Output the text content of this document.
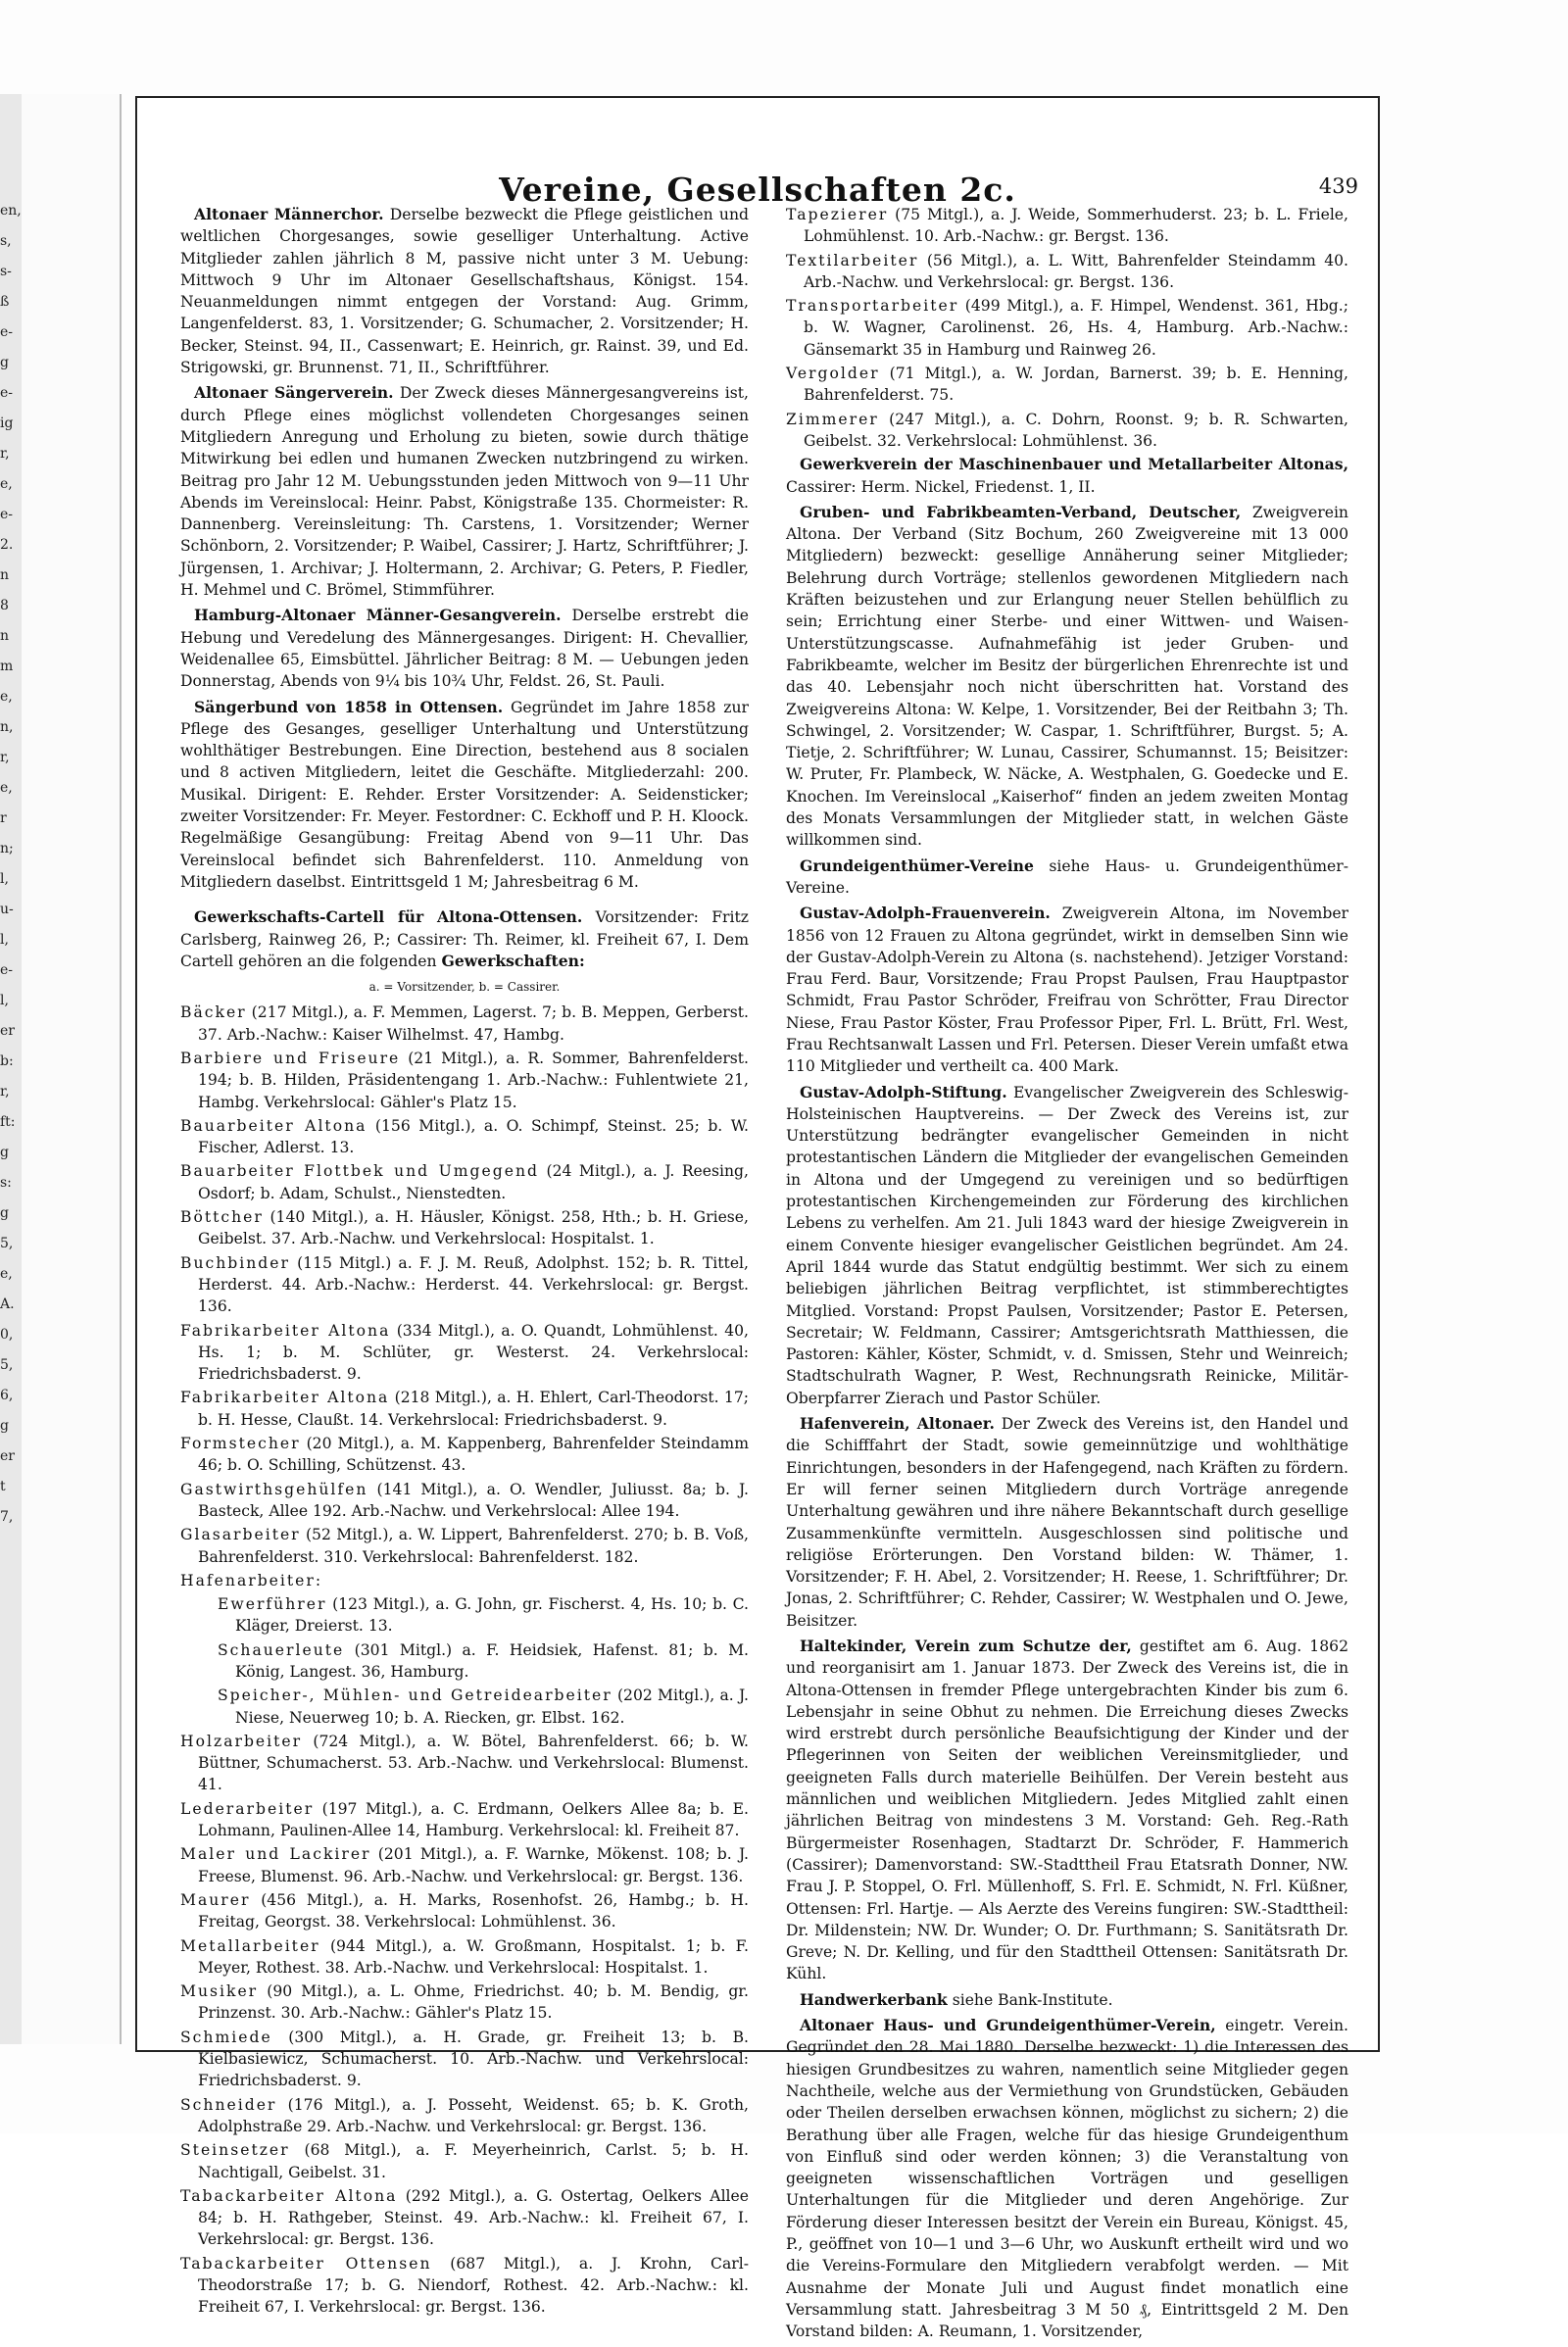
en,
s,
s-
ß
e-
g
e-
ig
r,
e,
e-
2.
n
8
n
m
e,
n,
r,
e,
r
n;
l,
u-
l,
e-
l,
er
b:
r,
ft:
g
s:
g
5,
e,
A.
0,
5,
6,
g
er
t
7,
Vereine, Gesellschaften 2c.	439

Altonaer Männerchor. Derselbe bezweckt die Pflege geistlichen und weltlichen Chorgesanges, sowie geselliger Unterhaltung. Active Mitglieder zahlen jährlich 8 M, passive nicht unter 3 M. Uebung: Mittwoch 9 Uhr im Altonaer Gesellschaftshaus, Königst. 154. Neuanmeldungen nimmt entgegen der Vorstand: Aug. Grimm, Langenfelderst. 83, 1. Vorsitzender; G. Schumacher, 2. Vorsitzender; H. Becker, Steinst. 94, II., Cassenwart; E. Heinrich, gr. Rainst. 39, und Ed. Strigowski, gr. Brunnenst. 71, II., Schriftführer.

Altonaer Sängerverein. Der Zweck dieses Männergesangvereins ist, durch Pflege eines möglichst vollendeten Chorgesanges seinen Mitgliedern Anregung und Erholung zu bieten, sowie durch thätige Mitwirkung bei edlen und humanen Zwecken nutzbringend zu wirken. Beitrag pro Jahr 12 M. Uebungsstunden jeden Mittwoch von 9—11 Uhr Abends im Vereinslocal: Heinr. Pabst, Königstraße 135. Chormeister: R. Dannenberg. Vereinsleitung: Th. Carstens, 1. Vorsitzender; Werner Schönborn, 2. Vorsitzender; P. Waibel, Cassirer; J. Hartz, Schriftführer; J. Jürgensen, 1. Archivar; J. Holtermann, 2. Archivar; G. Peters, P. Fiedler, H. Mehmel und C. Brömel, Stimmführer.

Hamburg-Altonaer Männer-Gesangverein. Derselbe erstrebt die Hebung und Veredelung des Männergesanges. Dirigent: H. Chevallier, Weidenallee 65, Eimsbüttel. Jährlicher Beitrag: 8 M. — Uebungen jeden Donnerstag, Abends von 9¼ bis 10¾ Uhr, Feldst. 26, St. Pauli.

Sängerbund von 1858 in Ottensen. Gegründet im Jahre 1858 zur Pflege des Gesanges, geselliger Unterhaltung und Unterstützung wohlthätiger Bestrebungen. Eine Direction, bestehend aus 8 socialen und 8 activen Mitgliedern, leitet die Geschäfte. Mitgliederzahl: 200. Musikal. Dirigent: E. Rehder. Erster Vorsitzender: A. Seidensticker; zweiter Vorsitzender: Fr. Meyer. Festordner: C. Eckhoff und P. H. Kloock. Regelmäßige Gesangübung: Freitag Abend von 9—11 Uhr. Das Vereinslocal befindet sich Bahrenfelderst. 110. Anmeldung von Mitgliedern daselbst. Eintrittsgeld 1 M; Jahresbeitrag 6 M.

Gewerkschafts-Cartell für Altona-Ottensen. Vorsitzender: Fritz Carlsberg, Rainweg 26, P.; Cassirer: Th. Reimer, kl. Freiheit 67, I. Dem Cartell gehören an die folgenden Gewerkschaften:

a. = Vorsitzender, b. = Cassirer.

Bäcker (217 Mitgl.), a. F. Memmen, Lagerst. 7; b. B. Meppen, Gerberst. 37. Arb.-Nachw.: Kaiser Wilhelmst. 47, Hambg.

Barbiere und Friseure (21 Mitgl.), a. R. Sommer, Bahrenfelderst. 194; b. B. Hilden, Präsidentengang 1. Arb.-Nachw.: Fuhlentwiete 21, Hambg. Verkehrslocal: Gähler's Platz 15.

Bauarbeiter Altona (156 Mitgl.), a. O. Schimpf, Steinst. 25; b. W. Fischer, Adlerst. 13.

Bauarbeiter Flottbek und Umgegend (24 Mitgl.), a. J. Reesing, Osdorf; b. Adam, Schulst., Nienstedten.

Böttcher (140 Mitgl.), a. H. Häusler, Königst. 258, Hth.; b. H. Griese, Geibelst. 37. Arb.-Nachw. und Verkehrslocal: Hospitalst. 1.

Buchbinder (115 Mitgl.) a. F. J. M. Reuß, Adolphst. 152; b. R. Tittel, Herderst. 44. Arb.-Nachw.: Herderst. 44. Verkehrslocal: gr. Bergst. 136.

Fabrikarbeiter Altona (334 Mitgl.), a. O. Quandt, Lohmühlenst. 40, Hs. 1; b. M. Schlüter, gr. Westerst. 24. Verkehrslocal: Friedrichsbaderst. 9.

Fabrikarbeiter Altona (218 Mitgl.), a. H. Ehlert, Carl-Theodorst. 17; b. H. Hesse, Claußt. 14. Verkehrslocal: Friedrichsbaderst. 9.

Formstecher (20 Mitgl.), a. M. Kappenberg, Bahrenfelder Steindamm 46; b. O. Schilling, Schützenst. 43.

Gastwirthsgehülfen (141 Mitgl.), a. O. Wendler, Juliusst. 8a; b. J. Basteck, Allee 192. Arb.-Nachw. und Verkehrslocal: Allee 194.

Glasarbeiter (52 Mitgl.), a. W. Lippert, Bahrenfelderst. 270; b. B. Voß, Bahrenfelderst. 310. Verkehrslocal: Bahrenfelderst. 182.

Hafenarbeiter:

Ewerführer (123 Mitgl.), a. G. John, gr. Fischerst. 4, Hs. 10; b. C. Kläger, Dreierst. 13.

Schauerleute (301 Mitgl.) a. F. Heidsiek, Hafenst. 81; b. M. König, Langest. 36, Hamburg.

Speicher-, Mühlen- und Getreidearbeiter (202 Mitgl.), a. J. Niese, Neuerweg 10; b. A. Riecken, gr. Elbst. 162.

Holzarbeiter (724 Mitgl.), a. W. Bötel, Bahrenfelderst. 66; b. W. Büttner, Schumacherst. 53. Arb.-Nachw. und Verkehrslocal: Blumenst. 41.

Lederarbeiter (197 Mitgl.), a. C. Erdmann, Oelkers Allee 8a; b. E. Lohmann, Paulinen-Allee 14, Hamburg. Verkehrslocal: kl. Freiheit 87.

Maler und Lackirer (201 Mitgl.), a. F. Warnke, Mökenst. 108; b. J. Freese, Blumenst. 96. Arb.-Nachw. und Verkehrslocal: gr. Bergst. 136.

Maurer (456 Mitgl.), a. H. Marks, Rosenhofst. 26, Hambg.; b. H. Freitag, Georgst. 38. Verkehrslocal: Lohmühlenst. 36.

Metallarbeiter (944 Mitgl.), a. W. Großmann, Hospitalst. 1; b. F. Meyer, Rothest. 38. Arb.-Nachw. und Verkehrslocal: Hospitalst. 1.

Musiker (90 Mitgl.), a. L. Ohme, Friedrichst. 40; b. M. Bendig, gr. Prinzenst. 30. Arb.-Nachw.: Gähler's Platz 15.

Schmiede (300 Mitgl.), a. H. Grade, gr. Freiheit 13; b. B. Kielbasiewicz, Schumacherst. 10. Arb.-Nachw. und Verkehrslocal: Friedrichsbaderst. 9.

Schneider (176 Mitgl.), a. J. Posseht, Weidenst. 65; b. K. Groth, Adolphstraße 29. Arb.-Nachw. und Verkehrslocal: gr. Bergst. 136.

Steinsetzer (68 Mitgl.), a. F. Meyerheinrich, Carlst. 5; b. H. Nachtigall, Geibelst. 31.

Tabackarbeiter Altona (292 Mitgl.), a. G. Ostertag, Oelkers Allee 84; b. H. Rathgeber, Steinst. 49. Arb.-Nachw.: kl. Freiheit 67, I. Verkehrslocal: gr. Bergst. 136.

Tabackarbeiter Ottensen (687 Mitgl.), a. J. Krohn, Carl-Theodorstraße 17; b. G. Niendorf, Rothest. 42. Arb.-Nachw.: kl. Freiheit 67, I. Verkehrslocal: gr. Bergst. 136.

Tapezierer (75 Mitgl.), a. J. Weide, Sommerhuderst. 23; b. L. Friele, Lohmühlenst. 10. Arb.-Nachw.: gr. Bergst. 136.

Textilarbeiter (56 Mitgl.), a. L. Witt, Bahrenfelder Steindamm 40. Arb.-Nachw. und Verkehrslocal: gr. Bergst. 136.

Transportarbeiter (499 Mitgl.), a. F. Himpel, Wendenst. 361, Hbg.; b. W. Wagner, Carolinenst. 26, Hs. 4, Hamburg. Arb.-Nachw.: Gänsemarkt 35 in Hamburg und Rainweg 26.

Vergolder (71 Mitgl.), a. W. Jordan, Barnerst. 39; b. E. Henning, Bahrenfelderst. 75.

Zimmerer (247 Mitgl.), a. C. Dohrn, Roonst. 9; b. R. Schwarten, Geibelst. 32. Verkehrslocal: Lohmühlenst. 36.

Gewerkverein der Maschinenbauer und Metallarbeiter Altonas, Cassirer: Herm. Nickel, Friedenst. 1, II.

Gruben- und Fabrikbeamten-Verband, Deutscher, Zweigverein Altona. Der Verband (Sitz Bochum, 260 Zweigvereine mit 13 000 Mitgliedern) bezweckt: gesellige Annäherung seiner Mitglieder; Belehrung durch Vorträge; stellenlos gewordenen Mitgliedern nach Kräften beizustehen und zur Erlangung neuer Stellen behülflich zu sein; Errichtung einer Sterbe- und einer Wittwen- und Waisen-Unterstützungscasse. Aufnahmefähig ist jeder Gruben- und Fabrikbeamte, welcher im Besitz der bürgerlichen Ehrenrechte ist und das 40. Lebensjahr noch nicht überschritten hat. Vorstand des Zweigvereins Altona: W. Kelpe, 1. Vorsitzender, Bei der Reitbahn 3; Th. Schwingel, 2. Vorsitzender; W. Caspar, 1. Schriftführer, Burgst. 5; A. Tietje, 2. Schriftführer; W. Lunau, Cassirer, Schumannst. 15; Beisitzer: W. Pruter, Fr. Plambeck, W. Näcke, A. Westphalen, G. Goedecke und E. Knochen. Im Vereinslocal „Kaiserhof“ finden an jedem zweiten Montag des Monats Versammlungen der Mitglieder statt, in welchen Gäste willkommen sind.

Grundeigenthümer-Vereine siehe Haus- u. Grundeigenthümer-Vereine.

Gustav-Adolph-Frauenverein. Zweigverein Altona, im November 1856 von 12 Frauen zu Altona gegründet, wirkt in demselben Sinn wie der Gustav-Adolph-Verein zu Altona (s. nachstehend). Jetziger Vorstand: Frau Ferd. Baur, Vorsitzende; Frau Propst Paulsen, Frau Hauptpastor Schmidt, Frau Pastor Schröder, Freifrau von Schrötter, Frau Director Niese, Frau Pastor Köster, Frau Professor Piper, Frl. L. Brütt, Frl. West, Frau Rechtsanwalt Lassen und Frl. Petersen. Dieser Verein umfaßt etwa 110 Mitglieder und vertheilt ca. 400 Mark.

Gustav-Adolph-Stiftung. Evangelischer Zweigverein des Schleswig-Holsteinischen Hauptvereins. — Der Zweck des Vereins ist, zur Unterstützung bedrängter evangelischer Gemeinden in nicht protestantischen Ländern die Mitglieder der evangelischen Gemeinden in Altona und der Umgegend zu vereinigen und so bedürftigen protestantischen Kirchengemeinden zur Förderung des kirchlichen Lebens zu verhelfen. Am 21. Juli 1843 ward der hiesige Zweigverein in einem Convente hiesiger evangelischer Geistlichen begründet. Am 24. April 1844 wurde das Statut endgültig bestimmt. Wer sich zu einem beliebigen jährlichen Beitrag verpflichtet, ist stimmberechtigtes Mitglied. Vorstand: Propst Paulsen, Vorsitzender; Pastor E. Petersen, Secretair; W. Feldmann, Cassirer; Amtsgerichtsrath Matthiessen, die Pastoren: Kähler, Köster, Schmidt, v. d. Smissen, Stehr und Weinreich; Stadtschulrath Wagner, P. West, Rechnungsrath Reinicke, Militär-Oberpfarrer Zierach und Pastor Schüler.

Hafenverein, Altonaer. Der Zweck des Vereins ist, den Handel und die Schifffahrt der Stadt, sowie gemeinnützige und wohlthätige Einrichtungen, besonders in der Hafengegend, nach Kräften zu fördern. Er will ferner seinen Mitgliedern durch Vorträge anregende Unterhaltung gewähren und ihre nähere Bekanntschaft durch gesellige Zusammenkünfte vermitteln. Ausgeschlossen sind politische und religiöse Erörterungen. Den Vorstand bilden: W. Thämer, 1. Vorsitzender; F. H. Abel, 2. Vorsitzender; H. Reese, 1. Schriftführer; Dr. Jonas, 2. Schriftführer; C. Rehder, Cassirer; W. Westphalen und O. Jewe, Beisitzer.

Haltekinder, Verein zum Schutze der, gestiftet am 6. Aug. 1862 und reorganisirt am 1. Januar 1873. Der Zweck des Vereins ist, die in Altona-Ottensen in fremder Pflege untergebrachten Kinder bis zum 6. Lebensjahr in seine Obhut zu nehmen. Die Erreichung dieses Zwecks wird erstrebt durch persönliche Beaufsichtigung der Kinder und der Pflegerinnen von Seiten der weiblichen Vereinsmitglieder, und geeigneten Falls durch materielle Beihülfen. Der Verein besteht aus männlichen und weiblichen Mitgliedern. Jedes Mitglied zahlt einen jährlichen Beitrag von mindestens 3 M. Vorstand: Geh. Reg.-Rath Bürgermeister Rosenhagen, Stadtarzt Dr. Schröder, F. Hammerich (Cassirer); Damenvorstand: SW.-Stadttheil Frau Etatsrath Donner, NW. Frau J. P. Stoppel, O. Frl. Müllenhoff, S. Frl. E. Schmidt, N. Frl. Küßner, Ottensen: Frl. Hartje. — Als Aerzte des Vereins fungiren: SW.-Stadttheil: Dr. Mildenstein; NW. Dr. Wunder; O. Dr. Furthmann; S. Sanitätsrath Dr. Greve; N. Dr. Kelling, und für den Stadttheil Ottensen: Sanitätsrath Dr. Kühl.

Handwerkerbank siehe Bank-Institute.

Altonaer Haus- und Grundeigenthümer-Verein, eingetr. Verein. Gegründet den 28. Mai 1880. Derselbe bezweckt: 1) die Interessen des hiesigen Grundbesitzes zu wahren, namentlich seine Mitglieder gegen Nachtheile, welche aus der Vermiethung von Grundstücken, Gebäuden oder Theilen derselben erwachsen können, möglichst zu sichern; 2) die Berathung über alle Fragen, welche für das hiesige Grundeigenthum von Einfluß sind oder werden können; 3) die Veranstaltung von geeigneten wissenschaftlichen Vorträgen und geselligen Unterhaltungen für die Mitglieder und deren Angehörige. Zur Förderung dieser Interessen besitzt der Verein ein Bureau, Königst. 45, P., geöffnet von 10—1 und 3—6 Uhr, wo Auskunft ertheilt wird und wo die Vereins-Formulare den Mitgliedern verabfolgt werden. — Mit Ausnahme der Monate Juli und August findet monatlich eine Versammlung statt. Jahresbeitrag 3 M 50 ₰, Eintrittsgeld 2 M. Den Vorstand bilden: A. Reumann, 1. Vorsitzender,
